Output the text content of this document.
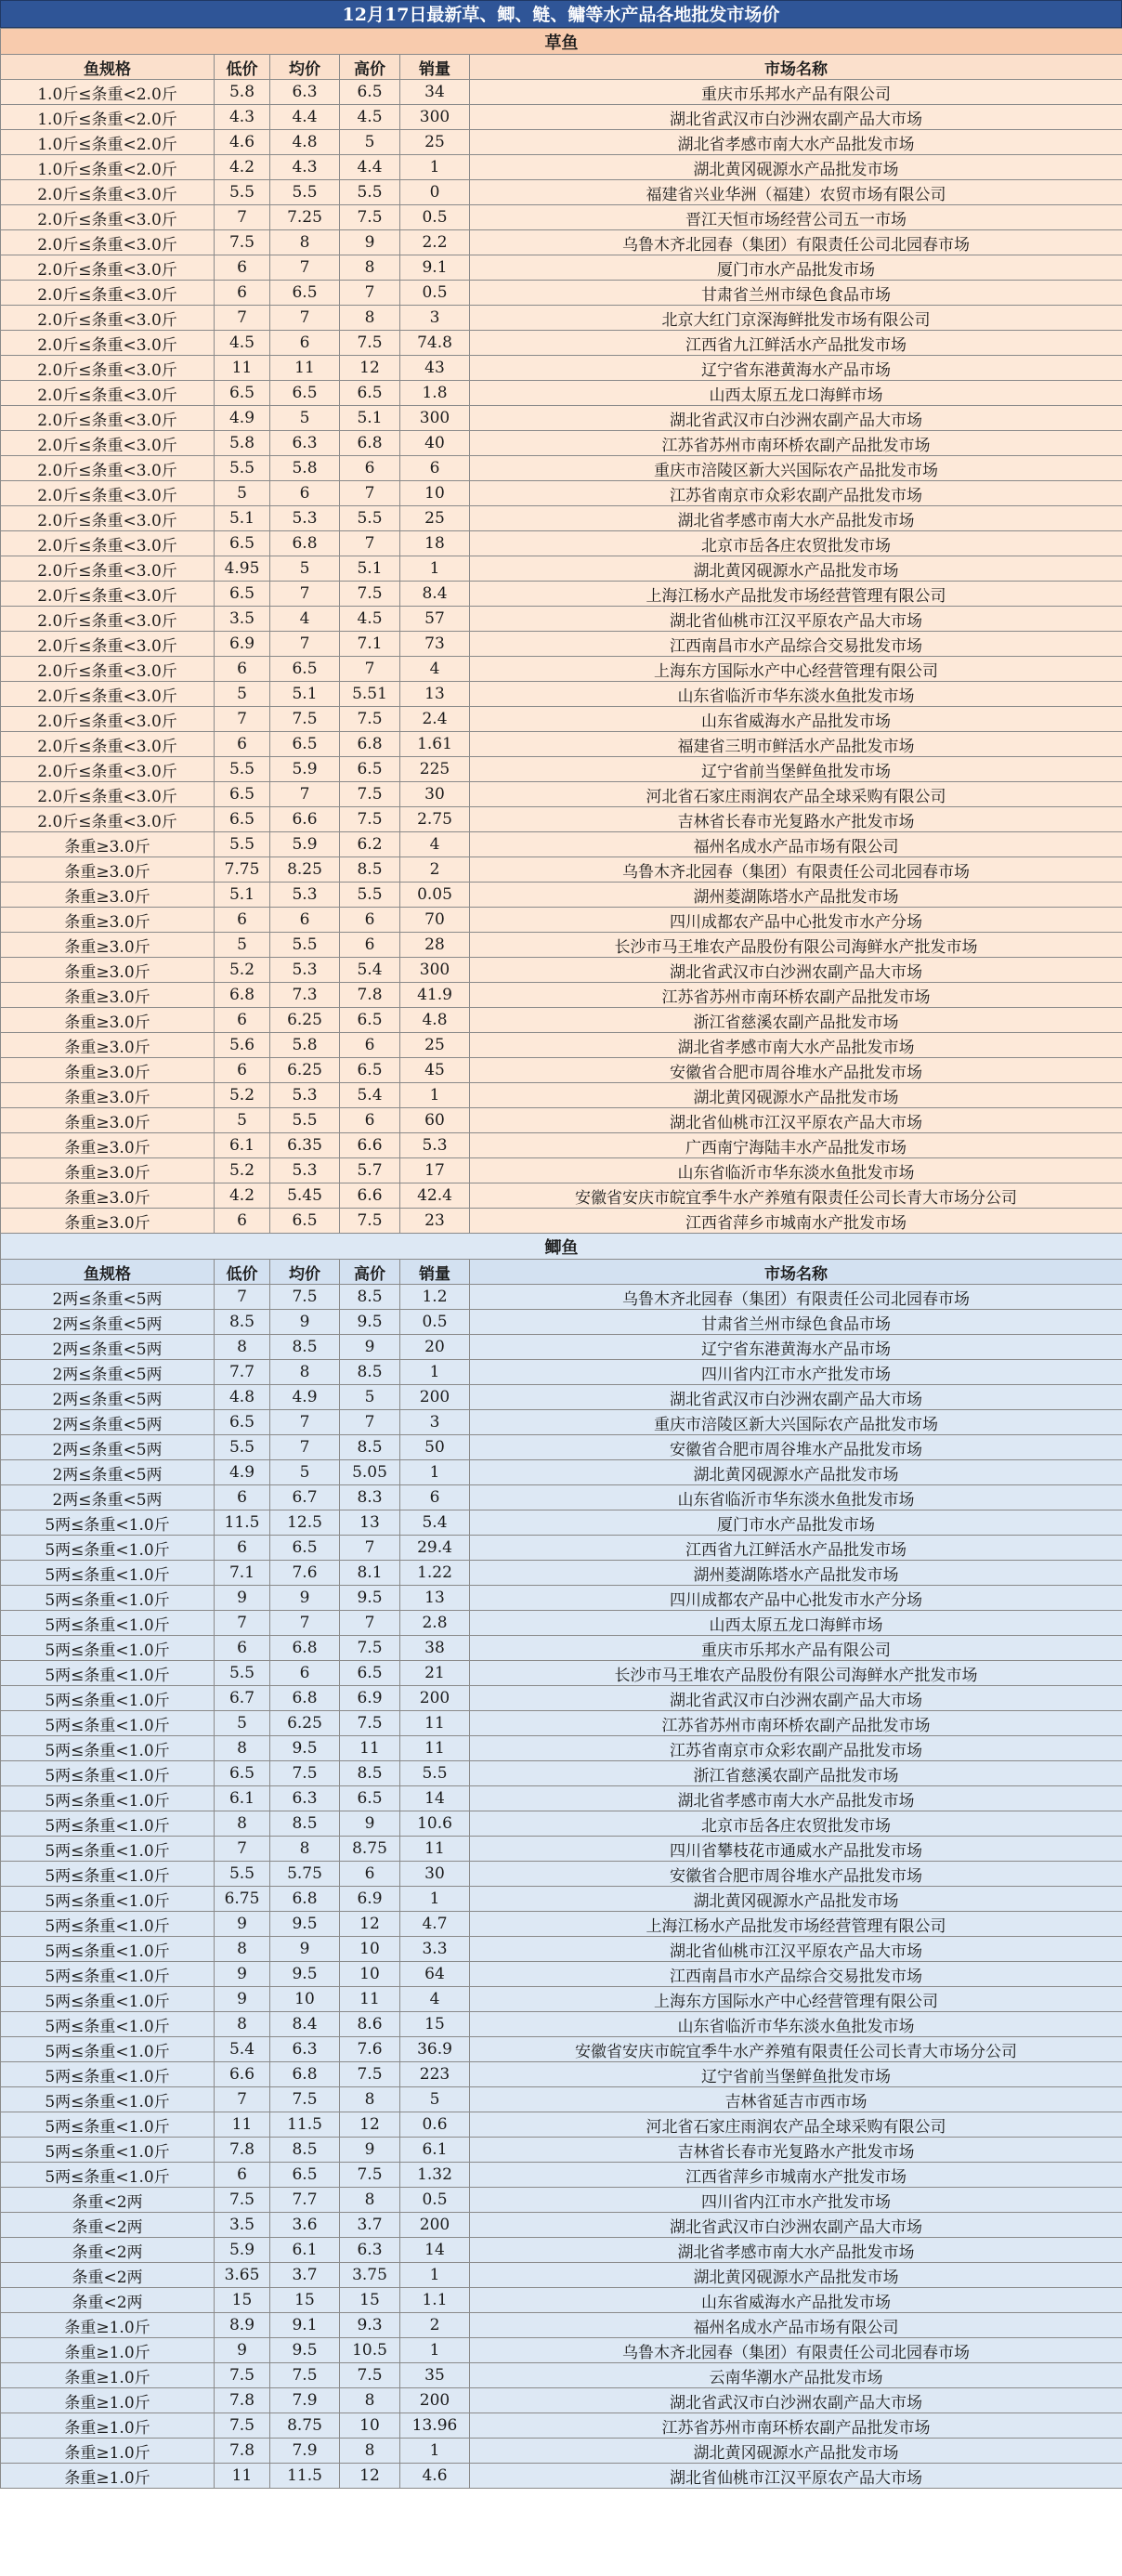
12月17日最新草、鲫、鲢、鳙等水产品各地批发市场价
草鱼					
鱼规格	低价	均价	高价	销量	市场名称
1.0斤≤条重<2.0斤	5.8	6.3	6.5	34	重庆市乐邦水产品有限公司
1.0斤≤条重<2.0斤	4.3	4.4	4.5	300	湖北省武汉市白沙洲农副产品大市场
1.0斤≤条重<2.0斤	4.6	4.8	5	25	湖北省孝感市南大水产品批发市场
1.0斤≤条重<2.0斤	4.2	4.3	4.4	1	湖北黄冈砚源水产品批发市场
2.0斤≤条重<3.0斤	5.5	5.5	5.5	0	福建省兴业华洲（福建）农贸市场有限公司
2.0斤≤条重<3.0斤	7	7.25	7.5	0.5	晋江天恒市场经营公司五一市场
2.0斤≤条重<3.0斤	7.5	8	9	2.2	乌鲁木齐北园春（集团）有限责任公司北园春市场
2.0斤≤条重<3.0斤	6	7	8	9.1	厦门市水产品批发市场
2.0斤≤条重<3.0斤	6	6.5	7	0.5	甘肃省兰州市绿色食品市场
2.0斤≤条重<3.0斤	7	7	8	3	北京大红门京深海鲜批发市场有限公司
2.0斤≤条重<3.0斤	4.5	6	7.5	74.8	江西省九江鲜活水产品批发市场
2.0斤≤条重<3.0斤	11	11	12	43	辽宁省东港黄海水产品市场
2.0斤≤条重<3.0斤	6.5	6.5	6.5	1.8	山西太原五龙口海鲜市场
2.0斤≤条重<3.0斤	4.9	5	5.1	300	湖北省武汉市白沙洲农副产品大市场
2.0斤≤条重<3.0斤	5.8	6.3	6.8	40	江苏省苏州市南环桥农副产品批发市场
2.0斤≤条重<3.0斤	5.5	5.8	6	6	重庆市涪陵区新大兴国际农产品批发市场
2.0斤≤条重<3.0斤	5	6	7	10	江苏省南京市众彩农副产品批发市场
2.0斤≤条重<3.0斤	5.1	5.3	5.5	25	湖北省孝感市南大水产品批发市场
2.0斤≤条重<3.0斤	6.5	6.8	7	18	北京市岳各庄农贸批发市场
2.0斤≤条重<3.0斤	4.95	5	5.1	1	湖北黄冈砚源水产品批发市场
2.0斤≤条重<3.0斤	6.5	7	7.5	8.4	上海江杨水产品批发市场经营管理有限公司
2.0斤≤条重<3.0斤	3.5	4	4.5	57	湖北省仙桃市江汉平原农产品大市场
2.0斤≤条重<3.0斤	6.9	7	7.1	73	江西南昌市水产品综合交易批发市场
2.0斤≤条重<3.0斤	6	6.5	7	4	上海东方国际水产中心经营管理有限公司
2.0斤≤条重<3.0斤	5	5.1	5.51	13	山东省临沂市华东淡水鱼批发市场
2.0斤≤条重<3.0斤	7	7.5	7.5	2.4	山东省威海水产品批发市场
2.0斤≤条重<3.0斤	6	6.5	6.8	1.61	福建省三明市鲜活水产品批发市场
2.0斤≤条重<3.0斤	5.5	5.9	6.5	225	辽宁省前当堡鲜鱼批发市场
2.0斤≤条重<3.0斤	6.5	7	7.5	30	河北省石家庄雨润农产品全球采购有限公司
2.0斤≤条重<3.0斤	6.5	6.6	7.5	2.75	吉林省长春市光复路水产批发市场
条重≥3.0斤	5.5	5.9	6.2	4	福州名成水产品市场有限公司
条重≥3.0斤	7.75	8.25	8.5	2	乌鲁木齐北园春（集团）有限责任公司北园春市场
条重≥3.0斤	5.1	5.3	5.5	0.05	湖州菱湖陈塔水产品批发市场
条重≥3.0斤	6	6	6	70	四川成都农产品中心批发市水产分场
条重≥3.0斤	5	5.5	6	28	长沙市马王堆农产品股份有限公司海鲜水产批发市场
条重≥3.0斤	5.2	5.3	5.4	300	湖北省武汉市白沙洲农副产品大市场
条重≥3.0斤	6.8	7.3	7.8	41.9	江苏省苏州市南环桥农副产品批发市场
条重≥3.0斤	6	6.25	6.5	4.8	浙江省慈溪农副产品批发市场
条重≥3.0斤	5.6	5.8	6	25	湖北省孝感市南大水产品批发市场
条重≥3.0斤	6	6.25	6.5	45	安徽省合肥市周谷堆水产品批发市场
条重≥3.0斤	5.2	5.3	5.4	1	湖北黄冈砚源水产品批发市场
条重≥3.0斤	5	5.5	6	60	湖北省仙桃市江汉平原农产品大市场
条重≥3.0斤	6.1	6.35	6.6	5.3	广西南宁海陆丰水产品批发市场
条重≥3.0斤	5.2	5.3	5.7	17	山东省临沂市华东淡水鱼批发市场
条重≥3.0斤	4.2	5.45	6.6	42.4	安徽省安庆市皖宜季牛水产养殖有限责任公司长青大市场分公司
条重≥3.0斤	6	6.5	7.5	23	江西省萍乡市城南水产批发市场
鲫鱼					
鱼规格	低价	均价	高价	销量	市场名称
2两≤条重<5两	7	7.5	8.5	1.2	乌鲁木齐北园春（集团）有限责任公司北园春市场
2两≤条重<5两	8.5	9	9.5	0.5	甘肃省兰州市绿色食品市场
2两≤条重<5两	8	8.5	9	20	辽宁省东港黄海水产品市场
2两≤条重<5两	7.7	8	8.5	1	四川省内江市水产批发市场
2两≤条重<5两	4.8	4.9	5	200	湖北省武汉市白沙洲农副产品大市场
2两≤条重<5两	6.5	7	7	3	重庆市涪陵区新大兴国际农产品批发市场
2两≤条重<5两	5.5	7	8.5	50	安徽省合肥市周谷堆水产品批发市场
2两≤条重<5两	4.9	5	5.05	1	湖北黄冈砚源水产品批发市场
2两≤条重<5两	6	6.7	8.3	6	山东省临沂市华东淡水鱼批发市场
5两≤条重<1.0斤	11.5	12.5	13	5.4	厦门市水产品批发市场
5两≤条重<1.0斤	6	6.5	7	29.4	江西省九江鲜活水产品批发市场
5两≤条重<1.0斤	7.1	7.6	8.1	1.22	湖州菱湖陈塔水产品批发市场
5两≤条重<1.0斤	9	9	9.5	13	四川成都农产品中心批发市水产分场
5两≤条重<1.0斤	7	7	7	2.8	山西太原五龙口海鲜市场
5两≤条重<1.0斤	6	6.8	7.5	38	重庆市乐邦水产品有限公司
5两≤条重<1.0斤	5.5	6	6.5	21	长沙市马王堆农产品股份有限公司海鲜水产批发市场
5两≤条重<1.0斤	6.7	6.8	6.9	200	湖北省武汉市白沙洲农副产品大市场
5两≤条重<1.0斤	5	6.25	7.5	11	江苏省苏州市南环桥农副产品批发市场
5两≤条重<1.0斤	8	9.5	11	11	江苏省南京市众彩农副产品批发市场
5两≤条重<1.0斤	6.5	7.5	8.5	5.5	浙江省慈溪农副产品批发市场
5两≤条重<1.0斤	6.1	6.3	6.5	14	湖北省孝感市南大水产品批发市场
5两≤条重<1.0斤	8	8.5	9	10.6	北京市岳各庄农贸批发市场
5两≤条重<1.0斤	7	8	8.75	11	四川省攀枝花市通威水产品批发市场
5两≤条重<1.0斤	5.5	5.75	6	30	安徽省合肥市周谷堆水产品批发市场
5两≤条重<1.0斤	6.75	6.8	6.9	1	湖北黄冈砚源水产品批发市场
5两≤条重<1.0斤	9	9.5	12	4.7	上海江杨水产品批发市场经营管理有限公司
5两≤条重<1.0斤	8	9	10	3.3	湖北省仙桃市江汉平原农产品大市场
5两≤条重<1.0斤	9	9.5	10	64	江西南昌市水产品综合交易批发市场
5两≤条重<1.0斤	9	10	11	4	上海东方国际水产中心经营管理有限公司
5两≤条重<1.0斤	8	8.4	8.6	15	山东省临沂市华东淡水鱼批发市场
5两≤条重<1.0斤	5.4	6.3	7.6	36.9	安徽省安庆市皖宜季牛水产养殖有限责任公司长青大市场分公司
5两≤条重<1.0斤	6.6	6.8	7.5	223	辽宁省前当堡鲜鱼批发市场
5两≤条重<1.0斤	7	7.5	8	5	吉林省延吉市西市场
5两≤条重<1.0斤	11	11.5	12	0.6	河北省石家庄雨润农产品全球采购有限公司
5两≤条重<1.0斤	7.8	8.5	9	6.1	吉林省长春市光复路水产批发市场
5两≤条重<1.0斤	6	6.5	7.5	1.32	江西省萍乡市城南水产批发市场
条重<2两	7.5	7.7	8	0.5	四川省内江市水产批发市场
条重<2两	3.5	3.6	3.7	200	湖北省武汉市白沙洲农副产品大市场
条重<2两	5.9	6.1	6.3	14	湖北省孝感市南大水产品批发市场
条重<2两	3.65	3.7	3.75	1	湖北黄冈砚源水产品批发市场
条重<2两	15	15	15	1.1	山东省威海水产品批发市场
条重≥1.0斤	8.9	9.1	9.3	2	福州名成水产品市场有限公司
条重≥1.0斤	9	9.5	10.5	1	乌鲁木齐北园春（集团）有限责任公司北园春市场
条重≥1.0斤	7.5	7.5	7.5	35	云南华潮水产品批发市场
条重≥1.0斤	7.8	7.9	8	200	湖北省武汉市白沙洲农副产品大市场
条重≥1.0斤	7.5	8.75	10	13.96	江苏省苏州市南环桥农副产品批发市场
条重≥1.0斤	7.8	7.9	8	1	湖北黄冈砚源水产品批发市场
条重≥1.0斤	11	11.5	12	4.6	湖北省仙桃市江汉平原农产品大市场
